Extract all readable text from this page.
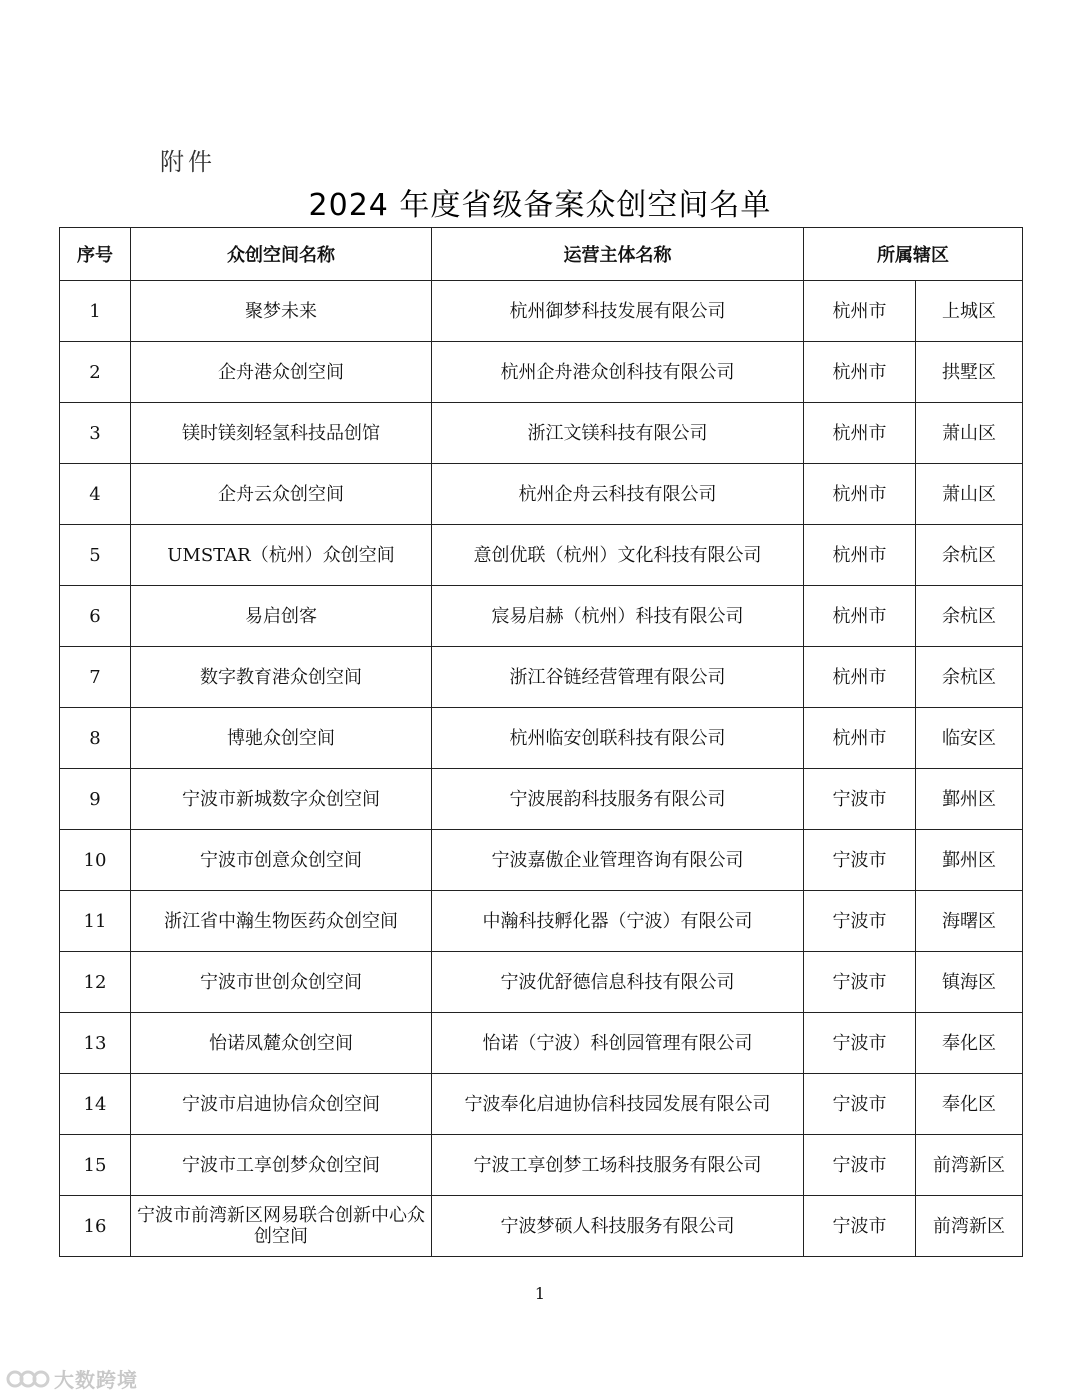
附件
2024 年度省级备案众创空间名单
序号	众创空间名称	运营主体名称	所属辖区	
1	聚梦未来	杭州御梦科技发展有限公司	杭州市	上城区
2	企舟港众创空间	杭州企舟港众创科技有限公司	杭州市	拱墅区
3	镁时镁刻轻氢科技品创馆	浙江文镁科技有限公司	杭州市	萧山区
4	企舟云众创空间	杭州企舟云科技有限公司	杭州市	萧山区
5	UMSTAR（杭州）众创空间	意创优联（杭州）文化科技有限公司	杭州市	余杭区
6	易启创客	宸易启赫（杭州）科技有限公司	杭州市	余杭区
7	数字教育港众创空间	浙江谷链经营管理有限公司	杭州市	余杭区
8	博驰众创空间	杭州临安创联科技有限公司	杭州市	临安区
9	宁波市新城数字众创空间	宁波展韵科技服务有限公司	宁波市	鄞州区
10	宁波市创意众创空间	宁波嘉傲企业管理咨询有限公司	宁波市	鄞州区
11	浙江省中瀚生物医药众创空间	中瀚科技孵化器（宁波）有限公司	宁波市	海曙区
12	宁波市世创众创空间	宁波优舒德信息科技有限公司	宁波市	镇海区
13	怡诺凤麓众创空间	怡诺（宁波）科创园管理有限公司	宁波市	奉化区
14	宁波市启迪协信众创空间	宁波奉化启迪协信科技园发展有限公司	宁波市	奉化区
15	宁波市工享创梦众创空间	宁波工享创梦工场科技服务有限公司	宁波市	前湾新区
16	宁波市前湾新区网易联合创新中心众创空间	宁波梦硕人科技服务有限公司	宁波市	前湾新区
1
大数跨境
